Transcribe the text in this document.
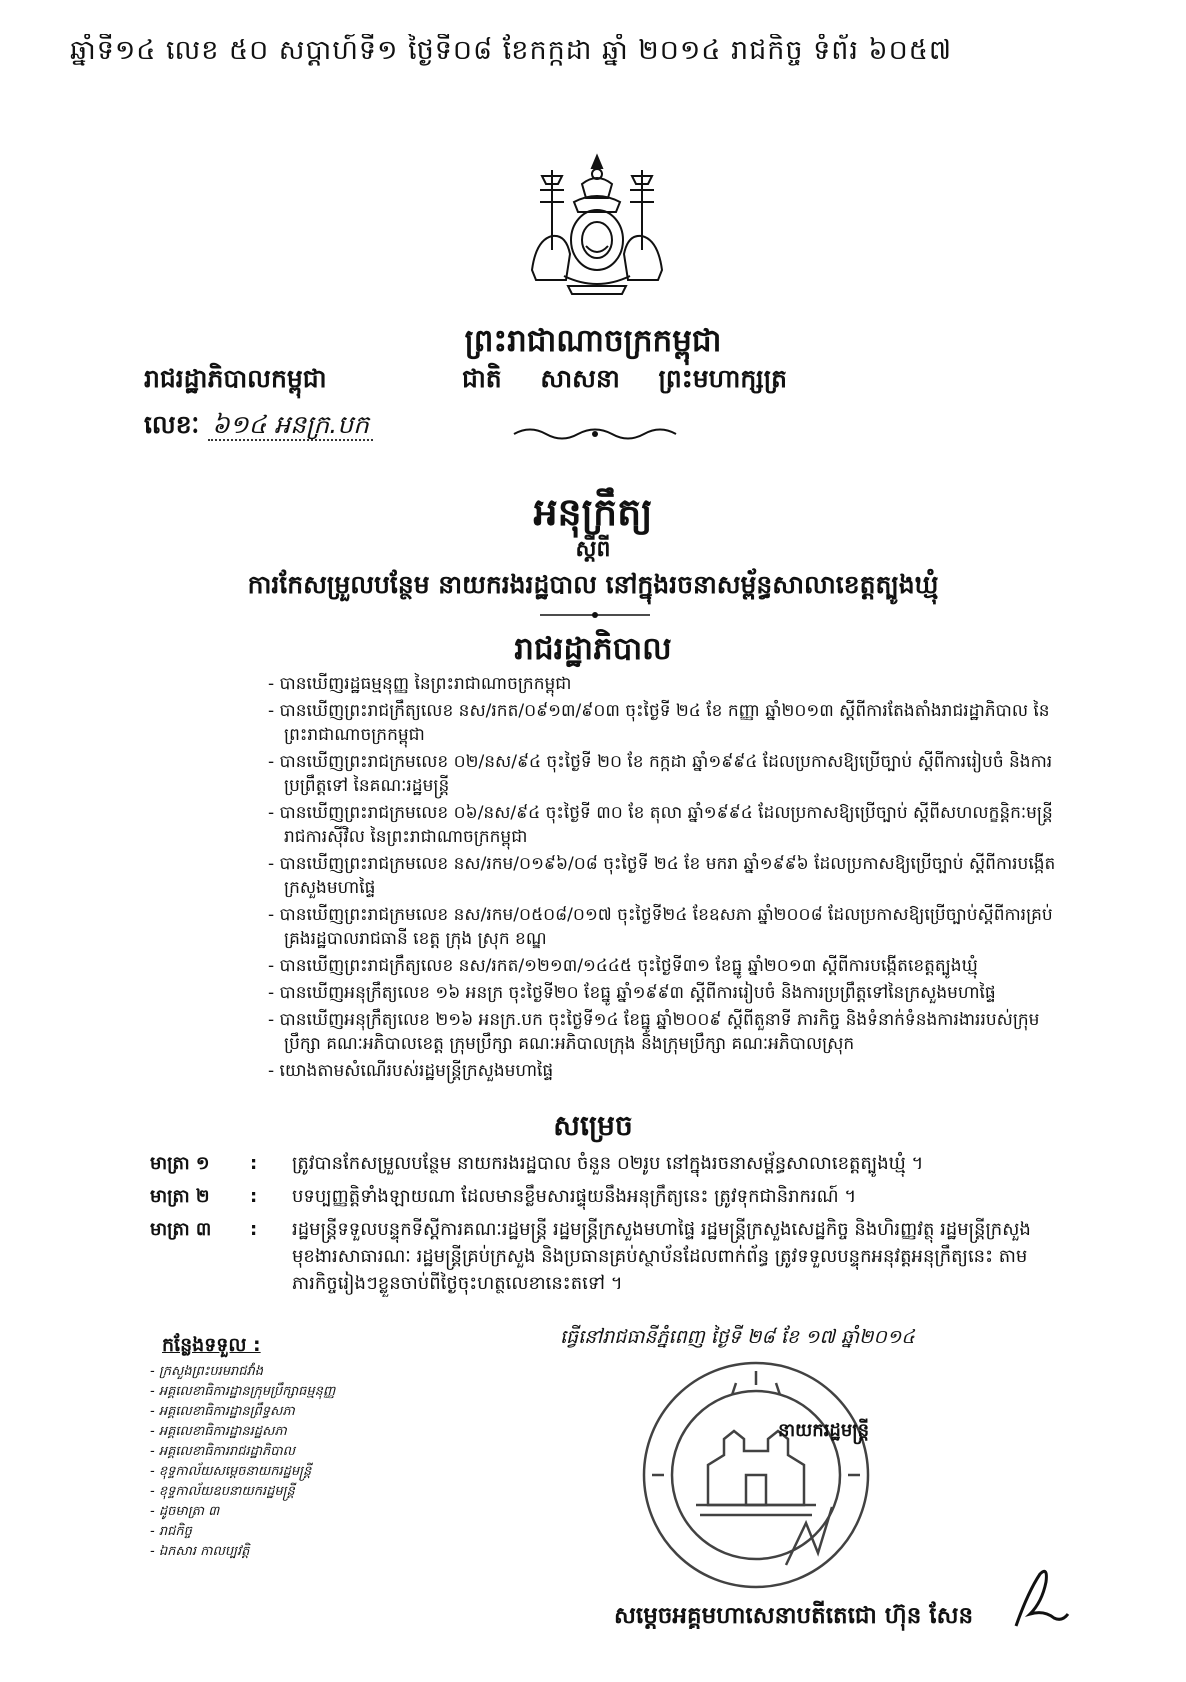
ឆ្នាំទី១៤ លេខ ៥០ សប្តាហ៍ទី១ ថ្ងៃទី០៨ ខែកក្កដា ឆ្នាំ ២០១៤ រាជកិច្ច ទំព័រ ៦០៥៧
ព្រះរាជាណាចក្រកម្ពុជា
រាជរដ្ឋាភិបាលកម្ពុជា	ជាតិ សាសនា ព្រះមហាក្សត្រ
លេខៈ ៦១៤ អនក្រ.បក
អនុក្រឹត្យ
ស្តីពី
ការកែសម្រួលបន្ថែម នាយករងរដ្ឋបាល នៅក្នុងរចនាសម្ព័ន្ធសាលាខេត្តត្បូងឃ្មុំ
រាជរដ្ឋាភិបាល
- បានឃើញរដ្ឋធម្មនុញ្ញ នៃព្រះរាជាណាចក្រកម្ពុជា
- បានឃើញព្រះរាជក្រឹត្យលេខ នស/រកត/០៩១៣/៩០៣ ចុះថ្ងៃទី ២៤ ខែ កញ្ញា ឆ្នាំ២០១៣ ស្តីពីការតែងតាំងរាជរដ្ឋាភិបាល នៃព្រះរាជាណាចក្រកម្ពុជា
- បានឃើញព្រះរាជក្រមលេខ ០២/នស/៩៤ ចុះថ្ងៃទី ២០ ខែ កក្កដា ឆ្នាំ១៩៩៤ ដែលប្រកាសឱ្យប្រើច្បាប់ ស្តីពីការរៀបចំ និងការប្រព្រឹត្តទៅ នៃគណៈរដ្ឋមន្ត្រី
- បានឃើញព្រះរាជក្រមលេខ ០៦/នស/៩៤ ចុះថ្ងៃទី ៣០ ខែ តុលា ឆ្នាំ១៩៩៤ ដែលប្រកាសឱ្យប្រើច្បាប់ ស្តីពីសហលក្ខន្តិកៈមន្ត្រីរាជការស៊ីវិល នៃព្រះរាជាណាចក្រកម្ពុជា
- បានឃើញព្រះរាជក្រមលេខ នស/រកម/០១៩៦/០៨ ចុះថ្ងៃទី ២៤ ខែ មករា ឆ្នាំ១៩៩៦ ដែលប្រកាសឱ្យប្រើច្បាប់ ស្តីពីការបង្កើតក្រសួងមហាផ្ទៃ
- បានឃើញព្រះរាជក្រមលេខ នស/រកម/០៥០៨/០១៧ ចុះថ្ងៃទី២៤ ខែឧសភា ឆ្នាំ២០០៨ ដែលប្រកាសឱ្យប្រើច្បាប់ស្តីពីការគ្រប់គ្រងរដ្ឋបាលរាជធានី ខេត្ត ក្រុង ស្រុក ខណ្ឌ
- បានឃើញព្រះរាជក្រឹត្យលេខ នស/រកត/១២១៣/១៤៤៥ ចុះថ្ងៃទី៣១ ខែធ្នូ ឆ្នាំ២០១៣ ស្តីពីការបង្កើតខេត្តត្បូងឃ្មុំ
- បានឃើញអនុក្រឹត្យលេខ ១៦ អនក្រ ចុះថ្ងៃទី២០ ខែធ្នូ ឆ្នាំ១៩៩៣ ស្តីពីការរៀបចំ និងការប្រព្រឹត្តទៅនៃក្រសួងមហាផ្ទៃ
- បានឃើញអនុក្រឹត្យលេខ ២១៦ អនក្រ.បក ចុះថ្ងៃទី១៤ ខែធ្នូ ឆ្នាំ២០០៩ ស្តីពីតួនាទី ភារកិច្ច និងទំនាក់ទំនងការងាររបស់ក្រុមប្រឹក្សា គណៈអភិបាលខេត្ត ក្រុមប្រឹក្សា គណៈអភិបាលក្រុង និងក្រុមប្រឹក្សា គណៈអភិបាលស្រុក
- យោងតាមសំណើរបស់រដ្ឋមន្ត្រីក្រសួងមហាផ្ទៃ
សម្រេច
មាត្រា ១	:	ត្រូវបានកែសម្រួលបន្ថែម នាយករងរដ្ឋបាល ចំនួន ០២រូប នៅក្នុងរចនាសម្ព័ន្ធសាលាខេត្តត្បូងឃ្មុំ ។
មាត្រា ២	:	បទប្បញ្ញត្តិទាំងឡាយណា ដែលមានខ្លឹមសារផ្ទុយនឹងអនុក្រឹត្យនេះ ត្រូវទុកជានិរាករណ៍ ។
មាត្រា ៣	:	រដ្ឋមន្ត្រីទទួលបន្ទុកទីស្តីការគណៈរដ្ឋមន្ត្រី រដ្ឋមន្ត្រីក្រសួងមហាផ្ទៃ រដ្ឋមន្ត្រីក្រសួងសេដ្ឋកិច្ច និងហិរញ្ញវត្ថុ រដ្ឋមន្ត្រីក្រសួងមុខងារសាធារណៈ រដ្ឋមន្ត្រីគ្រប់ក្រសួង និងប្រធានគ្រប់ស្ថាប័នដែលពាក់ព័ន្ធ ត្រូវទទួលបន្ទុកអនុវត្តអនុក្រឹត្យនេះ តាមភារកិច្ចរៀងៗខ្លួនចាប់ពីថ្ងៃចុះហត្ថលេខានេះតទៅ ។
ធ្វើនៅរាជធានីភ្នំពេញ ថ្ងៃទី ២៨ ខែ ១៧ ឆ្នាំ២០១៤
កន្លែងទទួល :
- ក្រសួងព្រះបរមរាជវាំង
- អគ្គលេខាធិការដ្ឋានក្រុមប្រឹក្សាធម្មនុញ្ញ
- អគ្គលេខាធិការដ្ឋានព្រឹទ្ធសភា
- អគ្គលេខាធិការដ្ឋានរដ្ឋសភា
- អគ្គលេខាធិការរាជរដ្ឋាភិបាល
- ខុទ្ទកាល័យសម្តេចនាយករដ្ឋមន្ត្រី
- ខុទ្ទកាល័យឧបនាយករដ្ឋមន្ត្រី
- ដូចមាត្រា ៣
- រាជកិច្ច
- ឯកសារ កាលប្បវត្តិ
នាយករដ្ឋមន្ត្រី
សម្តេចអគ្គមហាសេនាបតីតេជោ ហ៊ុន សែន
